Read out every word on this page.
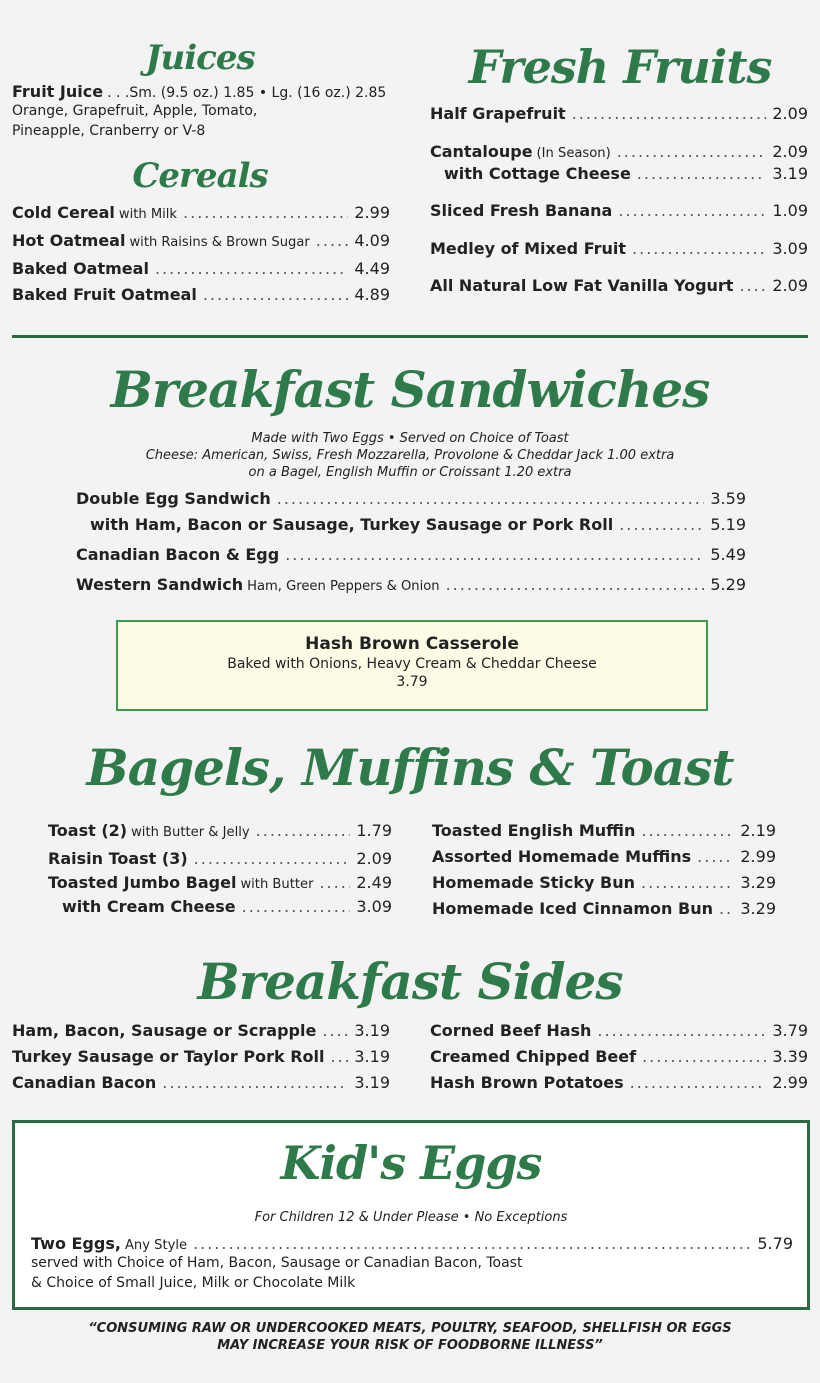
Juices
Fruit Juice . . .Sm. (9.5 oz.) 1.85 • Lg. (16 oz.) 2.85
Orange, Grapefruit, Apple, Tomato,
Pineapple, Cranberry or V-8
Cereals
Cold Cereal with Milk .....	2.99
Hot Oatmeal with Raisins & Brown Sugar .....	4.09
Baked Oatmeal .....	4.49
Baked Fruit Oatmeal .....	4.89
Fresh Fruits
Half Grapefruit .....	2.09
Cantaloupe (In Season) .....	2.09
with Cottage Cheese .....	3.19
Sliced Fresh Banana .....	1.09
Medley of Mixed Fruit .....	3.09
All Natural Low Fat Vanilla Yogurt ..... 2.09
Breakfast Sandwiches
Made with Two Eggs • Served on Choice of Toast
Cheese: American, Swiss, Fresh Mozzarella, Provolone & Cheddar Jack 1.00 extra
on a Bagel, English Muffin or Croissant 1.20 extra
Double Egg Sandwich .....	3.59
with Ham, Bacon or Sausage, Turkey Sausage or Pork Roll .....	5.19
Canadian Bacon & Egg .....	5.49
Western Sandwich Ham, Green Peppers & Onion .....	5.29
Hash Brown Casserole
Baked with Onions, Heavy Cream & Cheddar Cheese
3.79
Bagels, Muffins & Toast
Toast (2) with Butter & Jelly .....	1.79
Raisin Toast (3) .....	2.09
Toasted Jumbo Bagel with Butter .....	2.49
with Cream Cheese .....	3.09
Toasted English Muffin .....	2.19
Assorted Homemade Muffins .....	2.99
Homemade Sticky Bun .....	3.29
Homemade Iced Cinnamon Bun ..... 3.29
Breakfast Sides
Ham, Bacon, Sausage or Scrapple ..... 3.19
Turkey Sausage or Taylor Pork Roll ..... 3.19
Canadian Bacon .....	3.19
Corned Beef Hash .....	3.79
Creamed Chipped Beef .....	3.39
Hash Brown Potatoes .....	2.99
Kid's Eggs
For Children 12 & Under Please • No Exceptions
Two Eggs, Any Style .....	5.79
served with Choice of Ham, Bacon, Sausage or Canadian Bacon, Toast
& Choice of Small Juice, Milk or Chocolate Milk
“CONSUMING RAW OR UNDERCOOKED MEATS, POULTRY, SEAFOOD, SHELLFISH OR EGGS
MAY INCREASE YOUR RISK OF FOODBORNE ILLNESS”
